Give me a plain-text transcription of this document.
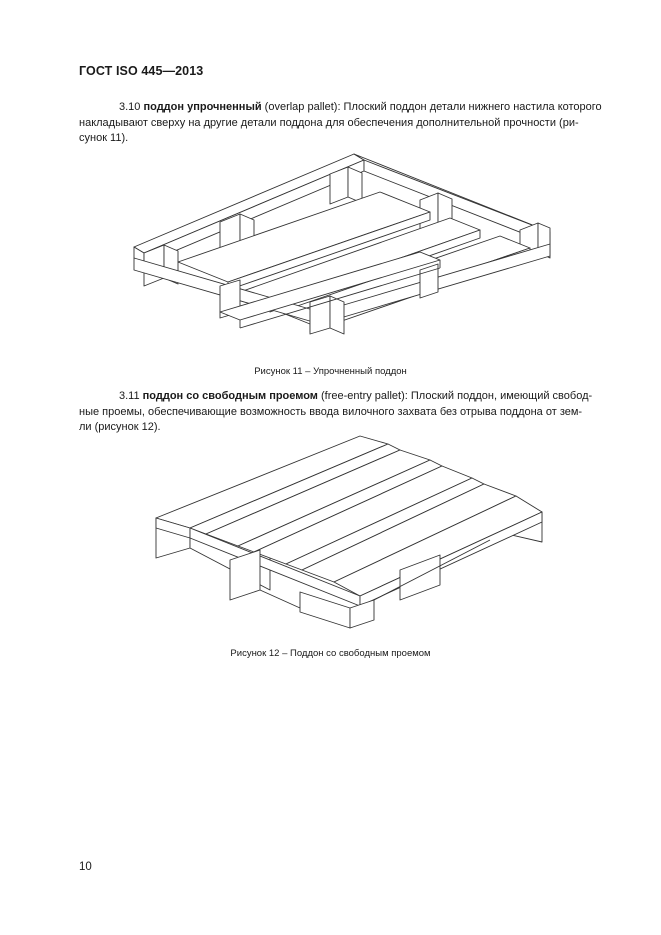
ГОСТ ISO 445—2013
3.10 поддон упрочненный (overlap pallet): Плоский поддон детали нижнего настила которого
накладывают сверху на другие детали поддона для обеспечения дополнительной прочности (ри-
сунок 11).
Рисунок 11 – Упрочненный поддон
3.11 поддон со свободным проемом (free-entry pallet): Плоский поддон, имеющий свобод-
ные проемы, обеспечивающие возможность ввода вилочного захвата без отрыва поддона от зем-
ли (рисунок 12).
Рисунок 12 – Поддон со свободным проемом
10
